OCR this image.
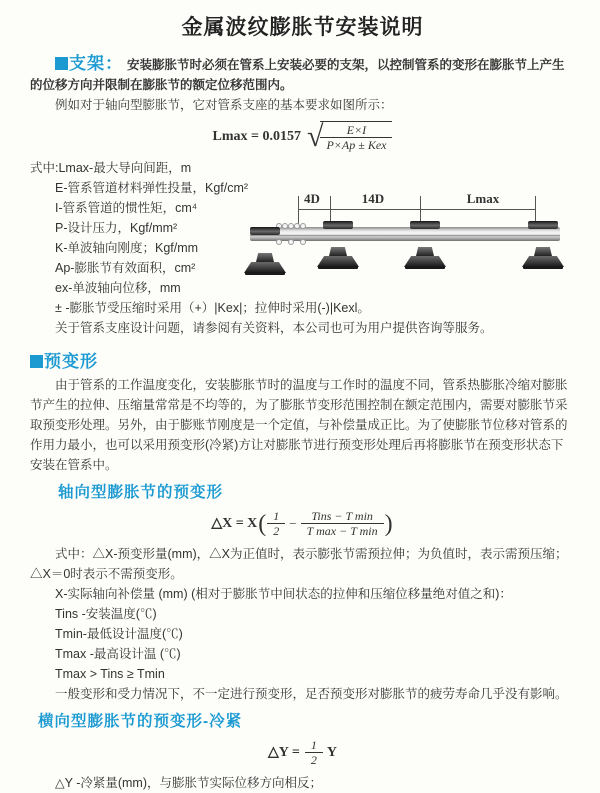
金属波纹膨胀节安装说明

支架： 安装膨胀节时必须在管系上安装必要的支架，以控制管系的变形在膨胀节上产生的位移方向并限制在膨胀节的额定位移范围内。

例如对于轴向型膨胀节，它对管系支座的基本要求如图所示：

Lmax = 0.0157 √
$\frac{E\times I}{\text{P×Ap ± Kex}}$

式中:Lmax-最大导向间距，m

E-管系管道材料弹性投量，Kgf/cm²

I-管系管道的惯性矩，cm⁴

P-设计压力，Kgf/mm²

K-单波轴向刚度；Kgf/mm

Ap-膨胀节有效面积，cm²

ex-单波轴向位移，mm

± -膨胀节受压缩时采用（+）|Kex|；拉伸时采用(-)|Kexl。

关于管系支座设计问题，请参阅有关资料，本公司也可为用户提供咨询等服务。

4D	14D	Lmax

预变形

由于管系的工作温度变化，安装膨胀节时的温度与工作时的温度不同，管系热膨胀冷缩对膨胀节产生的拉伸、压缩量常常是不均等的，为了膨胀节变形范围控制在额定范围内，需要对膨胀节采取预变形处理。另外，由于膨账节刚度是一个定值，与补偿量成正比。为了使膨胀节位移对管系的作用力最小，也可以采用预变形(冷紧)方让对膨胀节进行预变形处理后再将膨胀节在预变形状态下安装在管系中。

轴向型膨胀节的预变形
△X = X ( $\frac{1}{2} - \frac{\text{Tins − T min}}{\text{T max − T min}}$ )

式中：△X-预变形量(mm)，△X为正值时，表示膨张节需预拉伸；为负值时，表示需预压缩；△X＝0时表示不需预变形。

X-实际轴向补偿量 (mm) (相对于膨胀节中间状态的拉伸和压缩位移量绝对值之和)：

Tins -安装温度(℃)

Tmin-最低设计温度(℃)

Tmax -最高设计温 (℃)

Tmax > Tins ≥ Tmin

一般变形和受力情况下，不一定进行预变形，足否预变形对膨胀节的疲劳寿命几乎没有影响。

横向型膨胀节的预变形-冷紧
△Y = $\frac{1}{2}$ Y

△Y -冷紧量(mm)，与膨胀节实际位移方向相反；
